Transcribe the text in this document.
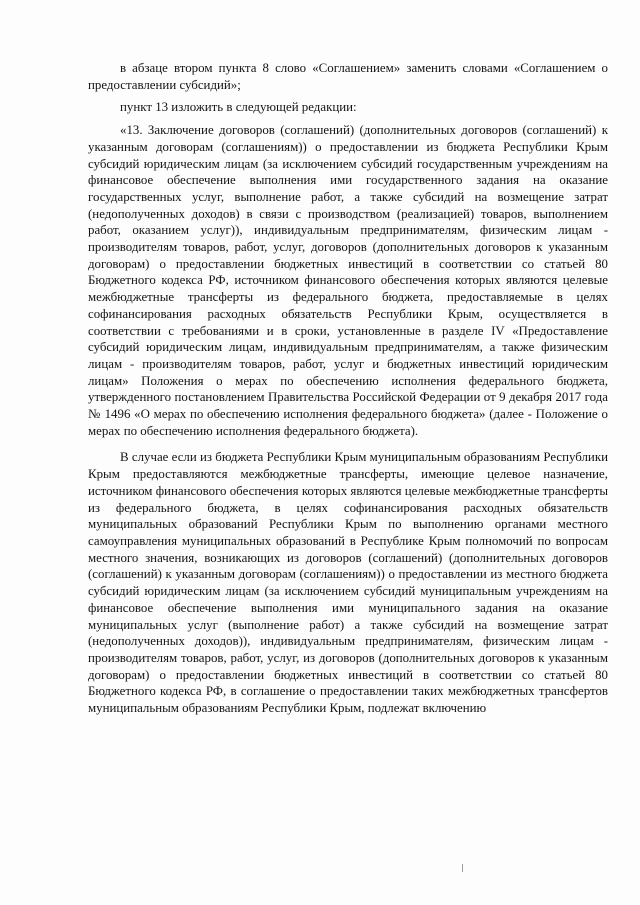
в абзаце втором пункта 8 слово «Соглашением» заменить словами «Соглашением о предоставлении субсидий»;

пункт 13 изложить в следующей редакции:

«13. Заключение договоров (соглашений) (дополнительных договоров (соглашений) к указанным договорам (соглашениям)) о предоставлении из бюджета Республики Крым субсидий юридическим лицам (за исключением субсидий государственным учреждениям на финансовое обеспечение выполнения ими государственного задания на оказание государственных услуг, выполнение работ, а также субсидий на возмещение затрат (недополученных доходов) в связи с производством (реализацией) товаров, выполнением работ, оказанием услуг)), индивидуальным предпринимателям, физическим лицам - производителям товаров, работ, услуг, договоров (дополнительных договоров к указанным договорам) о предоставлении бюджетных инвестиций в соответствии со статьей 80 Бюджетного кодекса РФ, источником финансового обеспечения которых являются целевые межбюджетные трансферты из федерального бюджета, предоставляемые в целях софинансирования расходных обязательств Республики Крым, осуществляется в соответствии с требованиями и в сроки, установленные в разделе IV «Предоставление субсидий юридическим лицам, индивидуальным предпринимателям, а также физическим лицам - производителям товаров, работ, услуг и бюджетных инвестиций юридическим лицам» Положения о мерах по обеспечению исполнения федерального бюджета, утвержденного постановлением Правительства Российской Федерации от 9 декабря 2017 года № 1496 «О мерах по обеспечению исполнения федерального бюджета» (далее - Положение о мерах по обеспечению исполнения федерального бюджета).

В случае если из бюджета Республики Крым муниципальным образованиям Республики Крым предоставляются межбюджетные трансферты, имеющие целевое назначение, источником финансового обеспечения которых являются целевые межбюджетные трансферты из федерального бюджета, в целях софинансирования расходных обязательств муниципальных образований Республики Крым по выполнению органами местного самоуправления муниципальных образований в Республике Крым полномочий по вопросам местного значения, возникающих из договоров (соглашений) (дополнительных договоров (соглашений) к указанным договорам (соглашениям)) о предоставлении из местного бюджета субсидий юридическим лицам (за исключением субсидий муниципальным учреждениям на финансовое обеспечение выполнения ими муниципального задания на оказание муниципальных услуг (выполнение работ) а также субсидий на возмещение затрат (недополученных доходов)), индивидуальным предпринимателям, физическим лицам - производителям товаров, работ, услуг, из договоров (дополнительных договоров к указанным договорам) о предоставлении бюджетных инвестиций в соответствии со статьей 80 Бюджетного кодекса РФ, в соглашение о предоставлении таких межбюджетных трансфертов муниципальным образованиям Республики Крым, подлежат включению
